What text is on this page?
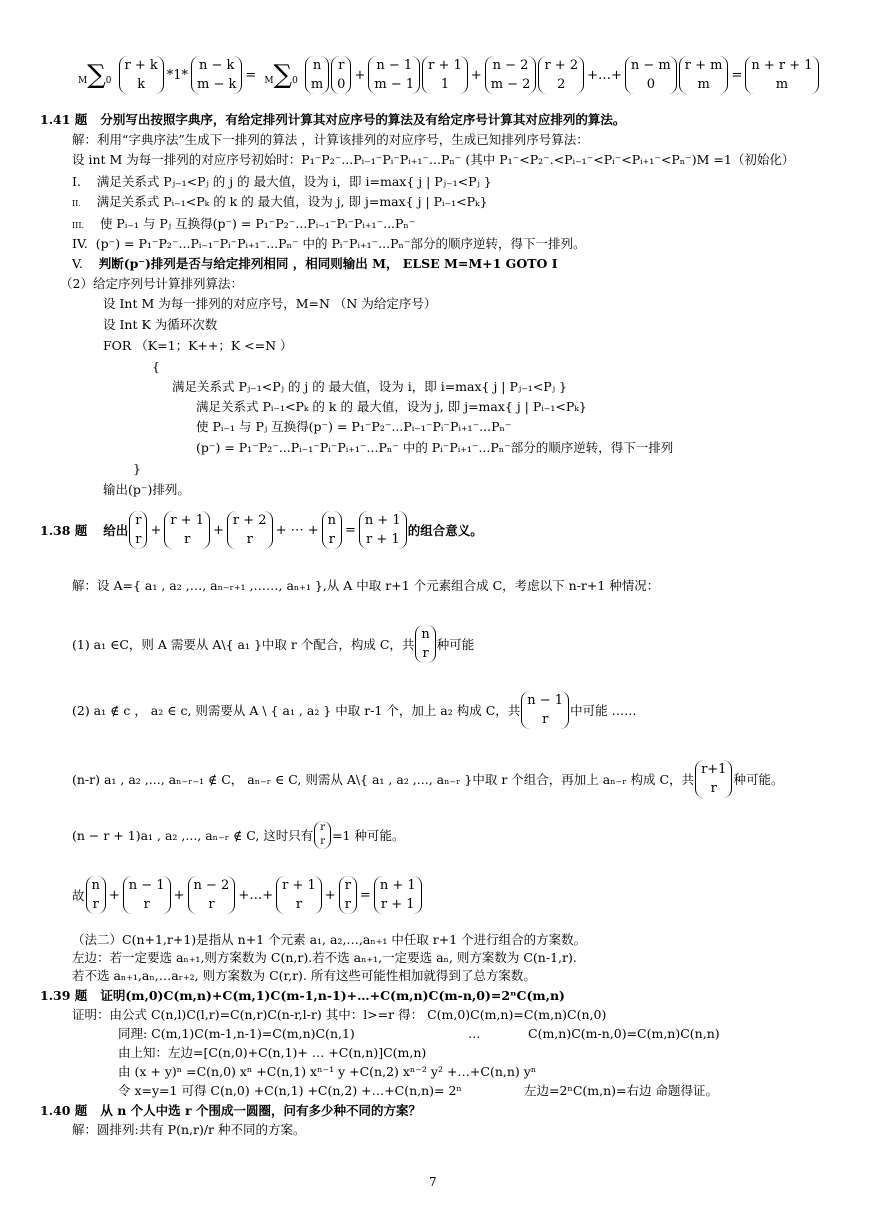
M∑0
r + k
k
*1*
n − k
m − k
= M∑0
n
m
r
0
+
n − 1
m − 1
r + 1
1
+
n − 2
m − 2
r + 2
2
+…+
n − m
0
r + m
m
=
n + r + 1
m
1.41 题 分别写出按照字典序，有给定排列计算其对应序号的算法及有给定序号计算其对应排列的算法。
解：利用“字典序法”生成下一排列的算法 ，计算该排列的对应序号，生成已知排列序号算法：
设 int M 为每一排列的对应序号初始时：P₁⁻P₂⁻...Pᵢ₋₁⁻Pᵢ⁻Pᵢ₊₁⁻...Pₙ⁻ (其中 P₁⁻<P₂⁻.<Pᵢ₋₁⁻<Pᵢ⁻<Pᵢ₊₁⁻<Pₙ⁻)M =1（初始化）
I. 满足关系式 Pⱼ₋₁<Pⱼ 的 j 的 最大值，设为 i，即 i=max{ j | Pⱼ₋₁<Pⱼ }
II. 满足关系式 Pᵢ₋₁<Pₖ 的 k 的 最大值，设为 j, 即 j=max{ j | Pᵢ₋₁<Pₖ}
III. 使 Pᵢ₋₁ 与 Pⱼ 互换得(p⁻) = P₁⁻P₂⁻...Pᵢ₋₁⁻Pᵢ⁻Pᵢ₊₁⁻...Pₙ⁻
IV. (p⁻) = P₁⁻P₂⁻...Pᵢ₋₁⁻Pᵢ⁻Pᵢ₊₁⁻...Pₙ⁻ 中的 Pᵢ⁻Pᵢ₊₁⁻...Pₙ⁻部分的顺序逆转，得下一排列。
V. 判断(p⁻)排列是否与给定排列相同 ，相同则输出 M， ELSE M=M+1 GOTO I
（2）给定序列号计算排列算法：
设 Int M 为每一排列的对应序号，M=N （N 为给定序号）
设 Int K 为循环次数
FOR （K=1；K++；K <=N ）
{
满足关系式 Pⱼ₋₁<Pⱼ 的 j 的 最大值，设为 i，即 i=max{ j | Pⱼ₋₁<Pⱼ }
满足关系式 Pᵢ₋₁<Pₖ 的 k 的 最大值，设为 j, 即 j=max{ j | Pᵢ₋₁<Pₖ}
使 Pᵢ₋₁ 与 Pⱼ 互换得(p⁻) = P₁⁻P₂⁻...Pᵢ₋₁⁻Pᵢ⁻Pᵢ₊₁⁻...Pₙ⁻
(p⁻) = P₁⁻P₂⁻...Pᵢ₋₁⁻Pᵢ⁻Pᵢ₊₁⁻...Pₙ⁻ 中的 Pᵢ⁻Pᵢ₊₁⁻...Pₙ⁻部分的顺序逆转，得下一排列
}
输出(p⁻)排列。
1.38 题
给出
r
r
+
r + 1
r
+
r + 2
r
+ ⋯ +
n
r
=
n + 1
r + 1
的组合意义。
解：设 A={ a₁ , a₂ ,…, aₙ₋ᵣ₊₁ ,……, aₙ₊₁ },从 A 中取 r+1 个元素组合成 C，考虑以下 n-r+1 种情况：
(1) a₁ ∈C，则 A 需要从 A\{ a₁ }中取 r 个配合，构成 C，共
n
r
种可能
(2) a₁ ∉ c ， a₂ ∈ c, 则需要从 A \ { a₁ , a₂ } 中取 r-1 个，加上 a₂ 构成 C，共
n − 1
r
中可能 ……
(n-r) a₁ , a₂ ,..., aₙ₋ᵣ₋₁ ∉ C， aₙ₋ᵣ ∈ C, 则需从 A\{ a₁ , a₂ ,..., aₙ₋ᵣ }中取 r 个组合，再加上 aₙ₋ᵣ 构成 C，共
r+1
r
种可能。
(n − r + 1)a₁ , a₂ ,..., aₙ₋ᵣ ∉ C, 这时只有
r
r =1 种可能。
故
n
r
+
n − 1
r
+
n − 2
r
+…+
r + 1
r
+
r
r
=
n + 1
r + 1
（法二）C(n+1,r+1)是指从 n+1 个元素 a₁, a₂,…,aₙ₊₁ 中任取 r+1 个进行组合的方案数。
左边：若一定要选 aₙ₊₁,则方案数为 C(n,r).若不选 aₙ₊₁,一定要选 aₙ, 则方案数为 C(n-1,r).
若不选 aₙ₊₁,aₙ,…aᵣ₊₂, 则方案数为 C(r,r). 所有这些可能性相加就得到了总方案数。
1.39 题 证明(m,0)C(m,n)+C(m,1)C(m-1,n-1)+…+C(m,n)C(m-n,0)=2ⁿC(m,n)
证明：由公式 C(n,l)C(l,r)=C(n,r)C(n-r,l-r) 其中：l>=r 得： C(m,0)C(m,n)=C(m,n)C(n,0)
同理: C(m,1)C(m-1,n-1)=C(m,n)C(n,1)	…	C(m,n)C(m-n,0)=C(m,n)C(n,n)
由上知：左边=[C(n,0)+C(n,1)+ … +C(n,n)]C(m,n)
由 (x + y)ⁿ =C(n,0) xⁿ +C(n,1) xⁿ⁻¹ y +C(n,2) xⁿ⁻² y² +…+C(n,n) yⁿ
令 x=y=1 可得 C(n,0) +C(n,1) +C(n,2) +…+C(n,n)= 2ⁿ	左边=2ⁿC(m,n)=右边 命题得证。
1.40 题 从 n 个人中选 r 个围成一圆圈，问有多少种不同的方案？
解：圆排列:共有 P(n,r)/r 种不同的方案。
7
